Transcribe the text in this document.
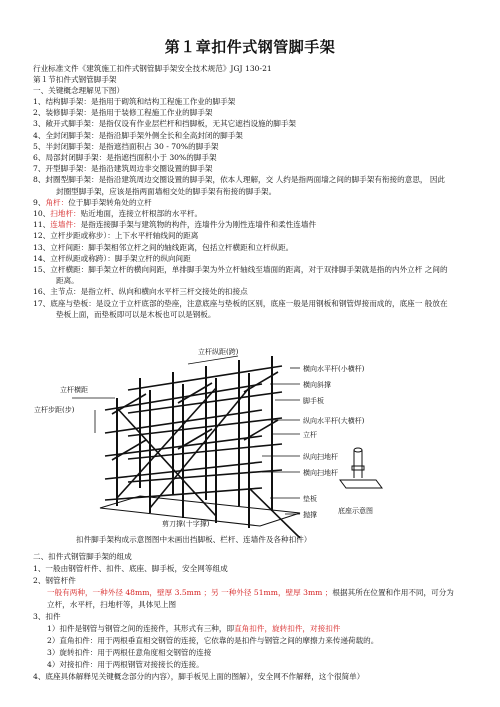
第１章扣件式钢管脚手架
行业标准文件《建筑施工扣件式钢管脚手架安全技术规范》JGJ 130-21
第１节扣件式钢管脚手架
一、关键概念理解见下图）
立杆横距
立杆纵距(跨)
立杆步距(步)
横向水平杆(小横杆)
横向斜撑
脚手板
纵向水平杆(大横杆)
立杆
纵向扫地杆
横向扫地杆
垫板
抛撑
剪刀撑(十字撑)
底座示意图
扣件脚手架构成示意图图中未画出挡脚板、栏杆、连墙件及各种扣件）
二、扣件式钢管脚手架的组成
1、一般由钢管杆件、扣件、底座、脚手板，安全网等组成
2、钢管杆件
一般有两种，一种外径 48mm，壁厚 3.5mm ；另 一种外径 51mm，壁厚 3mm ；根据其所在位置和作用不同，可分为
立杆，水平杆，扫地杆等，具体见上图
3、扣件
1）扣件是钢管与钢管之间的连接件，其形式有三种，即直角扣件，旋转扣件，对接扣件
2）直角扣件：用于两根垂直相交钢管的连接，它依靠的是扣件与钢管之间的摩擦力来传递荷载的。
3）旋转扣件：用于两根任意角度相交钢管的连接
4）对接扣件：用于两根钢管对接接长的连接。
4、底座具体解释见关键概念部分的内容），脚手板见上面的图解），安全网不作解释，这个很简单）
1、结构脚手架：是指用于砌筑和结构工程施工作业的脚手架
2、装修脚手架：是指用于装修工程施工作业的脚手架
3、敞开式脚手架：是指仅设有作业层栏杆和挡脚板，无其它遮挡设施的脚手架
4、全封闭脚手架：是指沿脚手架外侧全长和全高封闭的脚手架
5、半封闭脚手架：是指遮挡面积占 30 - 70%的脚手架
6、局部封闭脚手架：是指遮挡面积小于 30%的脚手架
7、开型脚手架：是指沿建筑周边非交圈设置的脚手架
8、封圈型脚手架：是指沿建筑周边交圈设置的脚手架，依本人理解，交 人约是指两面墙之间的脚手架有衔接的意思， 因此
封圈型脚手架，应该是指两面墙相交处的脚手架有衔接的脚手架。
9、角杆：位于脚手架转角处的立杆
10、扫地杆：贴近地面，连接立杆根部的水平杆。
11、连墙件：是指连接脚手架与建筑物的构件，连墙件分为刚性连墙件和柔性连墙件
12、立杆步距或称步）：上下水平杆轴线间的距离
13、立杆间距：脚手架相邻立杆之间的轴线距离，包括立杆横距和立杆纵距。
14、立杆纵距或称跨）：脚手架立杆的纵向间距
15、立杆横距：脚手架立杆的横向间距，单排脚手架为外立杆轴线至墙面的距离，对于双排脚手架就是指的内外立杆 之间的
距离。
16、主节点：是指立杆、纵向和横向水平杆三杆交接处的扣接点
17、底座与垫板：是设立于立杆底部的垫座，注意底座与垫板的区别，底座一般是用钢板和钢管焊接而成的，底座一 般放在
垫板上面，而垫板即可以是木板也可以是钢板。
